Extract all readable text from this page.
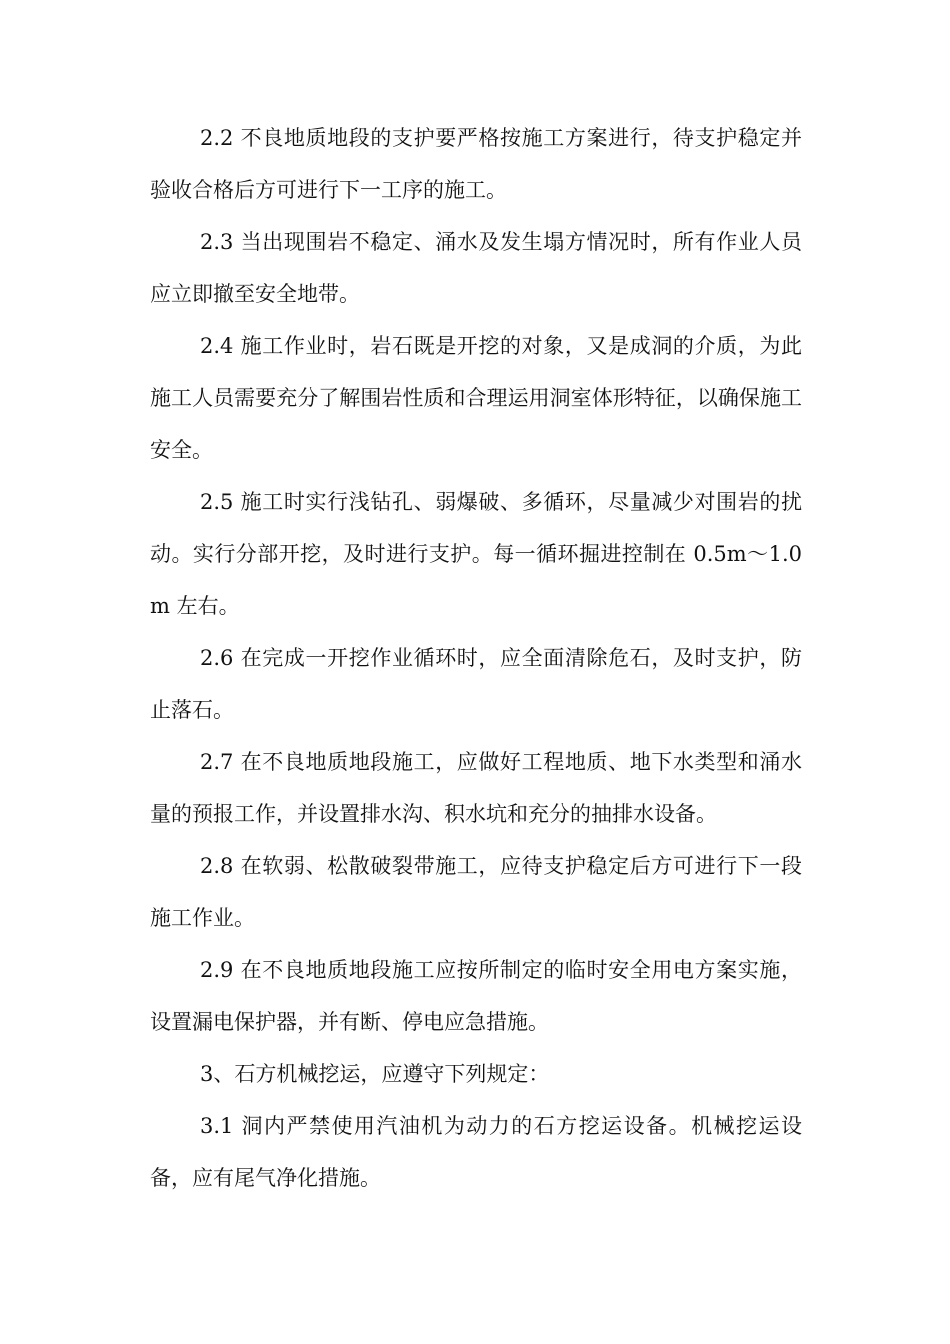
2.2 不良地质地段的支护要严格按施工方案进行，待支护稳定并验收合格后方可进行下一工序的施工。

2.3 当出现围岩不稳定、涌水及发生塌方情况时，所有作业人员应立即撤至安全地带。

2.4 施工作业时，岩石既是开挖的对象，又是成洞的介质，为此施工人员需要充分了解围岩性质和合理运用洞室体形特征，以确保施工安全。

2.5 施工时实行浅钻孔、弱爆破、多循环，尽量减少对围岩的扰动。实行分部开挖，及时进行支护。每一循环掘进控制在 0.5m～1.0m 左右。

2.6 在完成一开挖作业循环时，应全面清除危石，及时支护，防止落石。

2.7 在不良地质地段施工，应做好工程地质、地下水类型和涌水量的预报工作，并设置排水沟、积水坑和充分的抽排水设备。

2.8 在软弱、松散破裂带施工，应待支护稳定后方可进行下一段施工作业。

2.9 在不良地质地段施工应按所制定的临时安全用电方案实施，设置漏电保护器，并有断、停电应急措施。

3、石方机械挖运，应遵守下列规定：

3.1 洞内严禁使用汽油机为动力的石方挖运设备。机械挖运设备，应有尾气净化措施。
